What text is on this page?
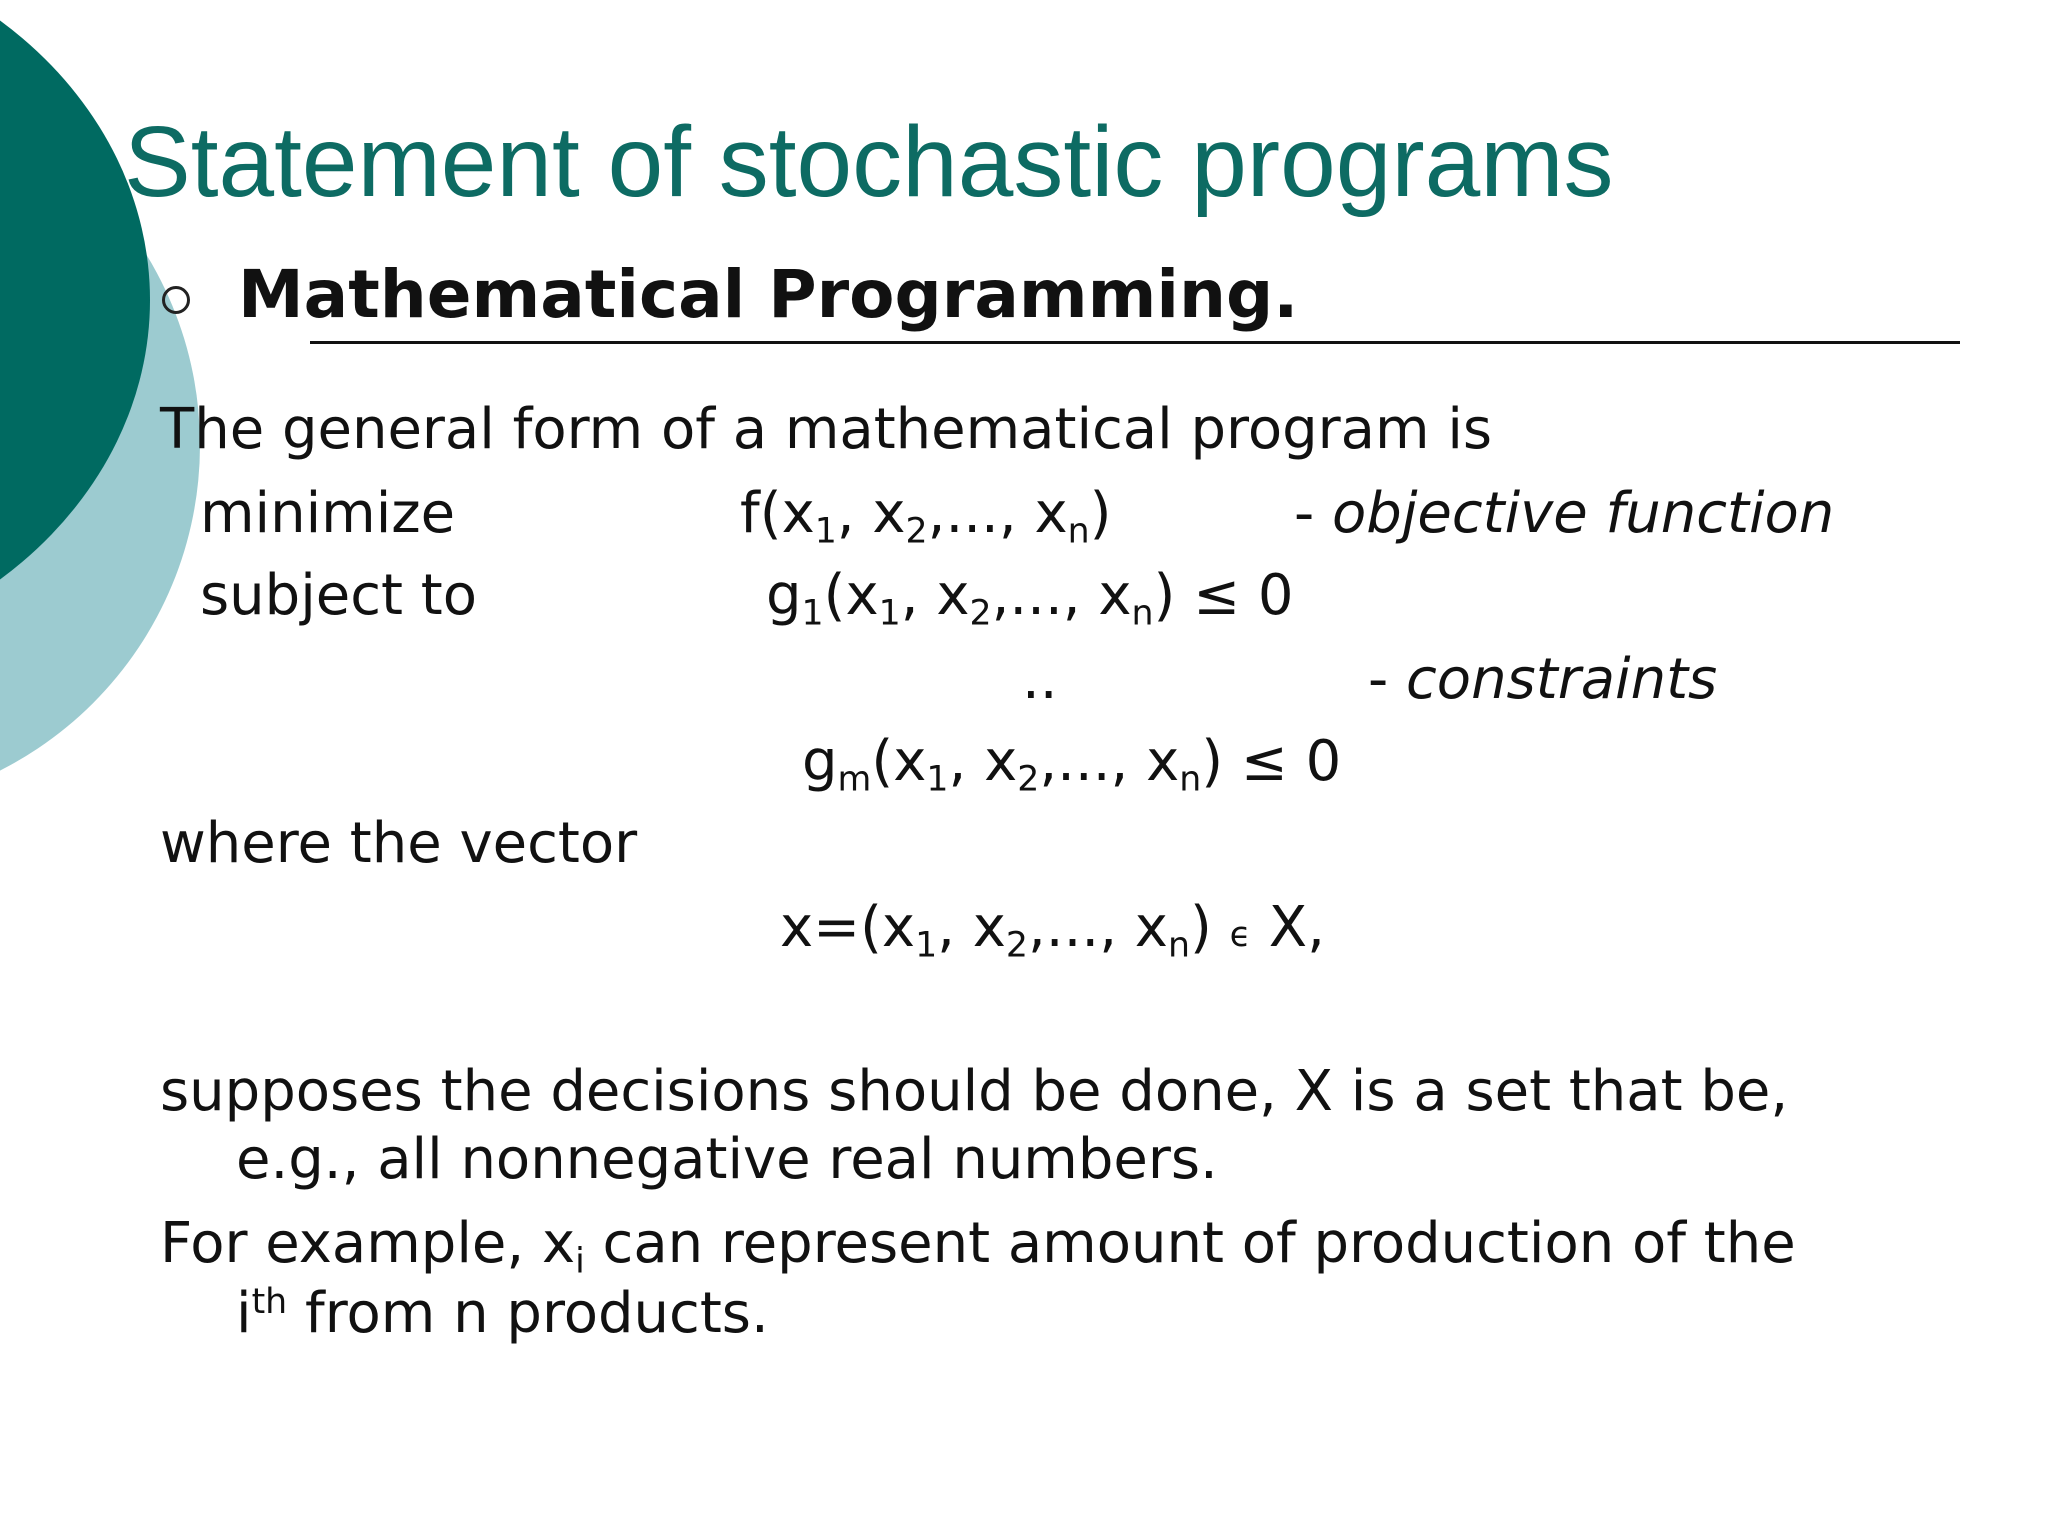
Statement of stochastic programs
Mathematical Programming.
The general form of a mathematical program is
minimize	$f(x_1$, $x_2$,..., $x_n$)	- objective function
subject to	$g_1(x_1$, $x_2$,..., $x_n) \le 0$
..	- constraints
$g_m(x_1$, $x_2$,..., $x_n) \le 0$
where the vector
$x=(x_1$, $x_2$,..., $x_n$) ϵ X,
supposes the decisions should be done, X is a set that be,
e.g., all nonnegative real numbers.
For example, $x_i$ can represent amount of production of the
$i^{th}$ from n products.
